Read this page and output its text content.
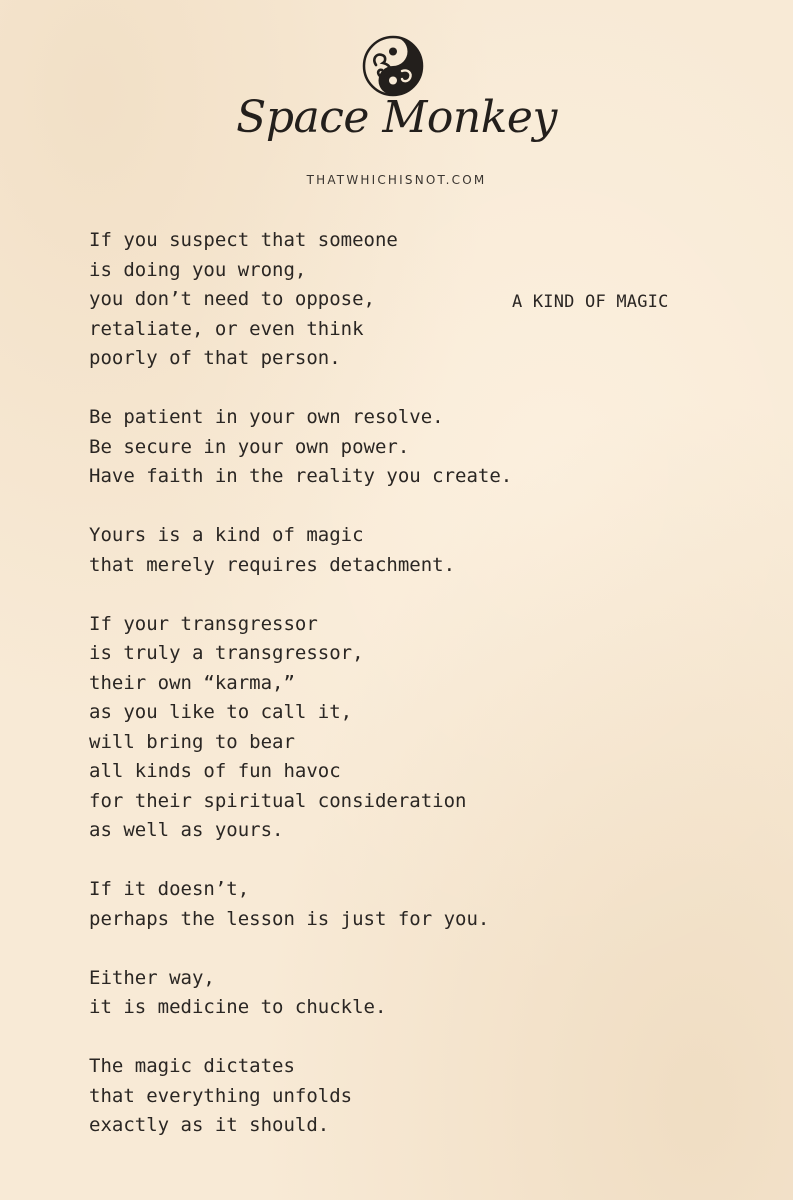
Space Monkey
THATWHICHISNOT.COM
A KIND OF MAGIC
If you suspect that someone
is doing you wrong,
you don’t need to oppose,
retaliate, or even think
poorly of that person.
Be patient in your own resolve.
Be secure in your own power.
Have faith in the reality you create.
Yours is a kind of magic
that merely requires detachment.
If your transgressor
is truly a transgressor,
their own “karma,”
as you like to call it,
will bring to bear
all kinds of fun havoc
for their spiritual consideration
as well as yours.
If it doesn’t,
perhaps the lesson is just for you.
Either way,
it is medicine to chuckle.
The magic dictates
that everything unfolds
exactly as it should.
